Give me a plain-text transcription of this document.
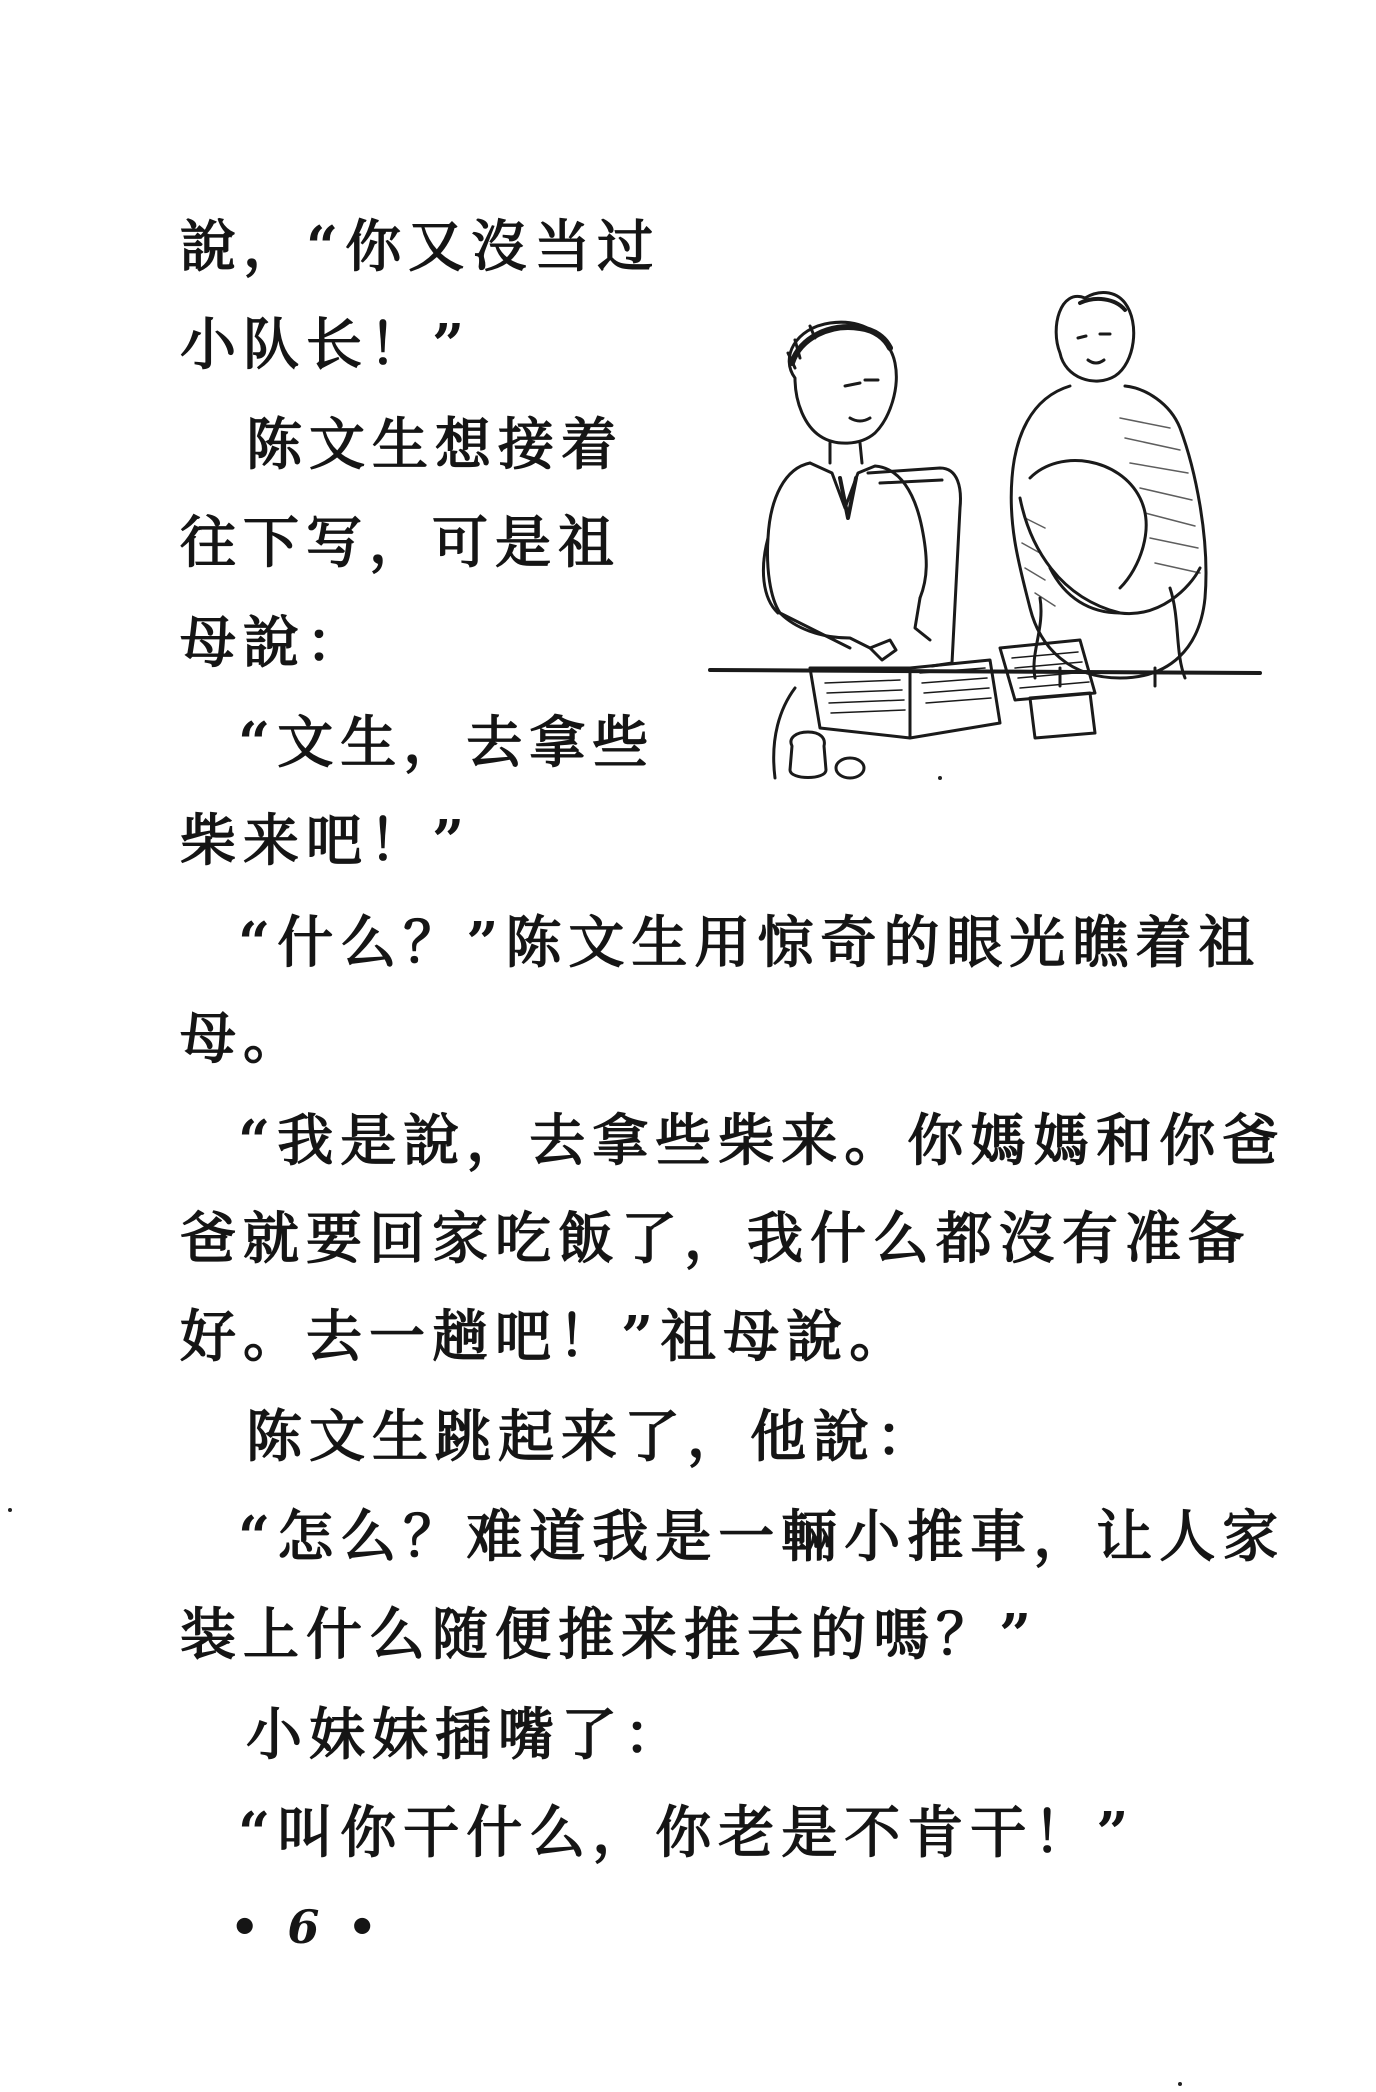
說，“你又沒当过
小队长！”
陈文生想接着
往下写，可是祖
母說：
“文生，去拿些
柴来吧！”
“什么？”陈文生用惊奇的眼光瞧着祖
母。
“我是說，去拿些柴来。你媽媽和你爸
爸就要回家吃飯了，我什么都沒有准备
好。去一趟吧！”祖母說。
陈文生跳起来了，他說：
“怎么？难道我是一輛小推車，让人家
装上什么随便推来推去的嗎？”
小妹妹插嘴了：
“叫你干什么，你老是不肯干！”
• 6 •
